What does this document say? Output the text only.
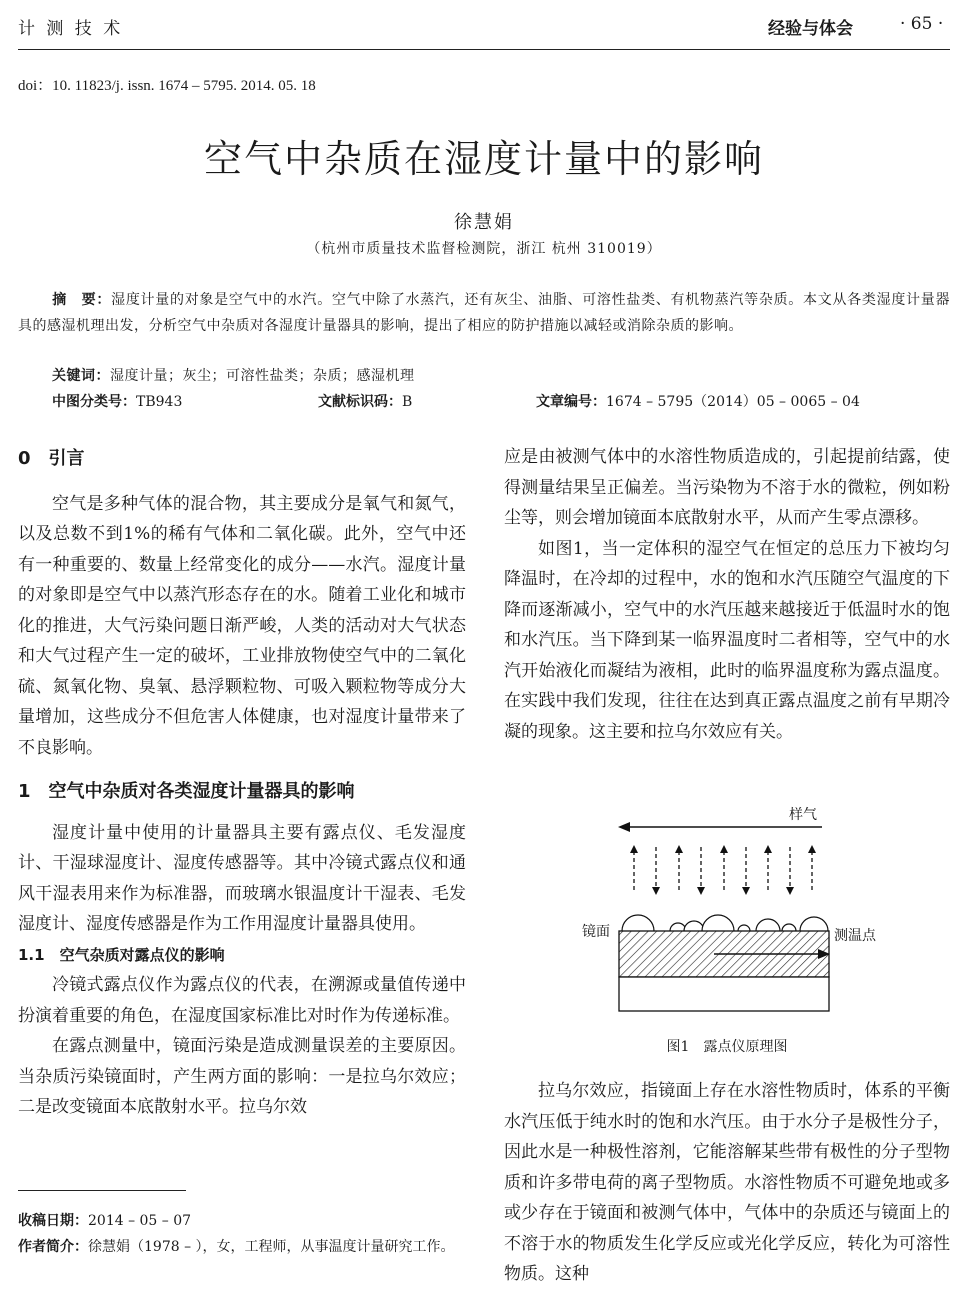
计 测 技 术	经验与体会	· 65 ·
doi：10. 11823/j. issn. 1674 – 5795. 2014. 05. 18
空气中杂质在湿度计量中的影响
徐慧娟
（杭州市质量技术监督检测院，浙江 杭州 310019）
摘　要：湿度计量的对象是空气中的水汽。空气中除了水蒸汽，还有灰尘、油脂、可溶性盐类、有机物蒸汽等杂质。本文从各类湿度计量器具的感湿机理出发，分析空气中杂质对各湿度计量器具的影响，提出了相应的防护措施以减轻或消除杂质的影响。
关键词：湿度计量；灰尘；可溶性盐类；杂质；感湿机理
中图分类号：TB943	文献标识码：B	文章编号：1674 – 5795（2014）05 – 0065 – 04

0　引言

空气是多种气体的混合物，其主要成分是氧气和氮气，以及总数不到1%的稀有气体和二氧化碳。此外，空气中还有一种重要的、数量上经常变化的成分——水汽。湿度计量的对象即是空气中以蒸汽形态存在的水。随着工业化和城市化的推进，大气污染问题日渐严峻，人类的活动对大气状态和大气过程产生一定的破坏，工业排放物使空气中的二氧化硫、氮氧化物、臭氧、悬浮颗粒物、可吸入颗粒物等成分大量增加，这些成分不但危害人体健康，也对湿度计量带来了不良影响。

1　空气中杂质对各类湿度计量器具的影响

湿度计量中使用的计量器具主要有露点仪、毛发湿度计、干湿球湿度计、湿度传感器等。其中冷镜式露点仪和通风干湿表用来作为标准器，而玻璃水银温度计干湿表、毛发湿度计、湿度传感器是作为工作用湿度计量器具使用。

1.1　空气杂质对露点仪的影响

冷镜式露点仪作为露点仪的代表，在溯源或量值传递中扮演着重要的角色，在湿度国家标准比对时作为传递标准。

在露点测量中，镜面污染是造成测量误差的主要原因。当杂质污染镜面时，产生两方面的影响：一是拉乌尔效应；二是改变镜面本底散射水平。拉乌尔效

收稿日期：2014 – 05 – 07
作者简介：徐慧娟（1978 – ），女，工程师，从事温度计量研究工作。

应是由被测气体中的水溶性物质造成的，引起提前结露，使得测量结果呈正偏差。当污染物为不溶于水的微粒，例如粉尘等，则会增加镜面本底散射水平，从而产生零点漂移。

如图1，当一定体积的湿空气在恒定的总压力下被均匀降温时，在冷却的过程中，水的饱和水汽压随空气温度的下降而逐渐减小，空气中的水汽压越来越接近于低温时水的饱和水汽压。当下降到某一临界温度时二者相等，空气中的水汽开始液化而凝结为液相，此时的临界温度称为露点温度。在实践中我们发现，往往在达到真正露点温度之前有早期冷凝的现象。这主要和拉乌尔效应有关。

样气
镜面	测温点
图1　露点仪原理图

拉乌尔效应，指镜面上存在水溶性物质时，体系的平衡水汽压低于纯水时的饱和水汽压。由于水分子是极性分子，因此水是一种极性溶剂，它能溶解某些带有极性的分子型物质和许多带电荷的离子型物质。水溶性物质不可避免地或多或少存在于镜面和被测气体中，气体中的杂质还与镜面上的不溶于水的物质发生化学反应或光化学反应，转化为可溶性物质。这种
